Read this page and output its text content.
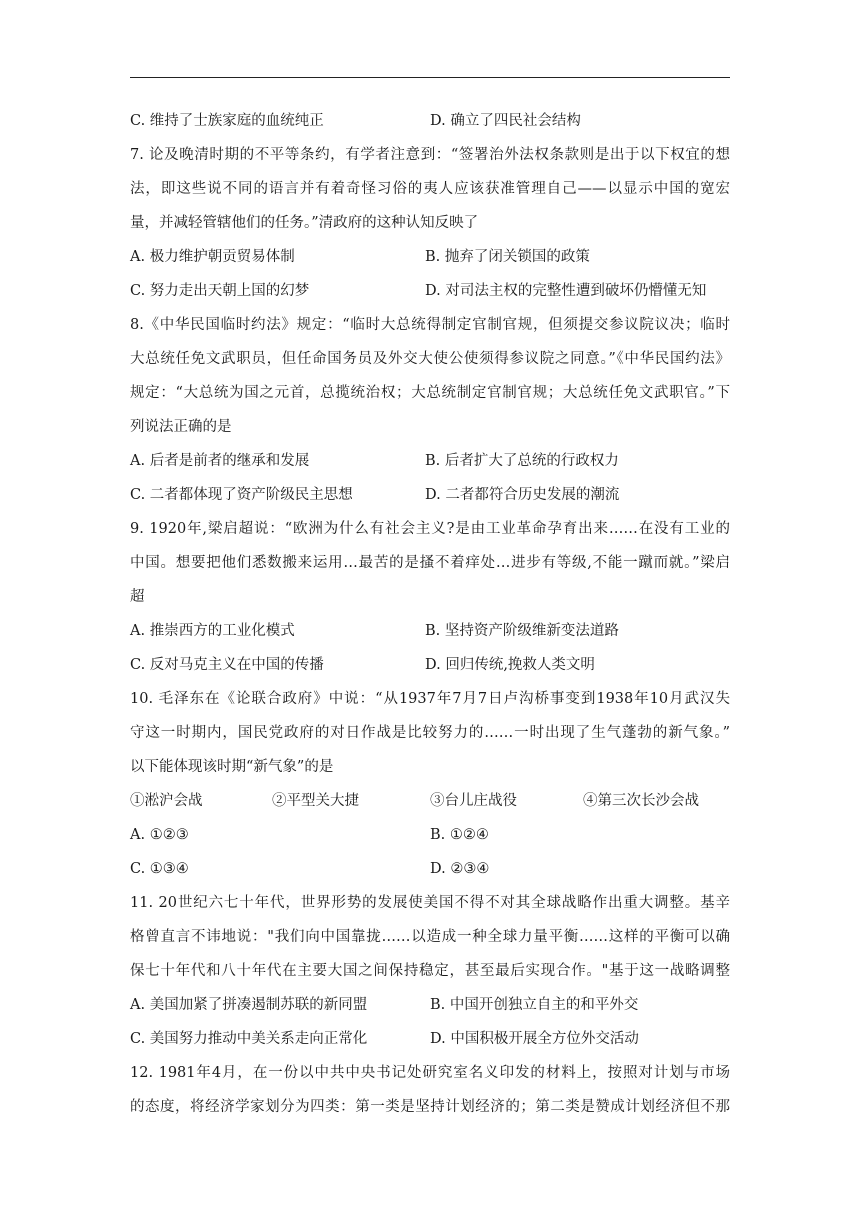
C. 维持了士族家庭的血统纯正	D. 确立了四民社会结构
7. 论及晚清时期的不平等条约，有学者注意到：“签署治外法权条款则是出于以下权宜的想
法，即这些说不同的语言并有着奇怪习俗的夷人应该获准管理自己——以显示中国的宽宏
量，并减轻管辖他们的任务。”清政府的这种认知反映了
A. 极力维护朝贡贸易体制	B. 抛弃了闭关锁国的政策
C. 努力走出天朝上国的幻梦	D. 对司法主权的完整性遭到破坏仍懵懂无知
8.《中华民国临时约法》规定：“临时大总统得制定官制官规，但须提交参议院议决；临时
大总统任免文武职员，但任命国务员及外交大使公使须得参议院之同意。”《中华民国约法》
规定：“大总统为国之元首，总揽统治权；大总统制定官制官规；大总统任免文武职官。”下
列说法正确的是
A. 后者是前者的继承和发展	B. 后者扩大了总统的行政权力
C. 二者都体现了资产阶级民主思想	D. 二者都符合历史发展的潮流
9. 1920年,梁启超说：“欧洲为什么有社会主义?是由工业革命孕育出来……在没有工业的
中国。想要把他们悉数搬来运用…最苦的是搔不着痒处…进步有等级,不能一蹴而就。”梁启
超
A. 推崇西方的工业化模式	B. 坚持资产阶级维新变法道路
C. 反对马克主义在中国的传播	D. 回归传统,挽救人类文明
10. 毛泽东在《论联合政府》中说：“从1937年7月7日卢沟桥事变到1938年10月武汉失
守这一时期内，国民党政府的对日作战是比较努力的……一时出现了生气蓬勃的新气象。”
以下能体现该时期“新气象”的是
①淞沪会战	②平型关大捷	③台儿庄战役	④第三次长沙会战
A. ①②③	B. ①②④
C. ①③④	D. ②③④
11. 20世纪六七十年代，世界形势的发展使美国不得不对其全球战略作出重大调整。基辛
格曾直言不讳地说："我们向中国靠拢……以造成一种全球力量平衡……这样的平衡可以确
保七十年代和八十年代在主要大国之间保持稳定，甚至最后实现合作。"基于这一战略调整
A. 美国加紧了拼凑遏制苏联的新同盟	B. 中国开创独立自主的和平外交
C. 美国努力推动中美关系走向正常化	D. 中国积极开展全方位外交活动
12. 1981年4月，在一份以中共中央书记处研究室名义印发的材料上，按照对计划与市场
的态度，将经济学家划分为四类：第一类是坚持计划经济的；第二类是赞成计划经济但不那
